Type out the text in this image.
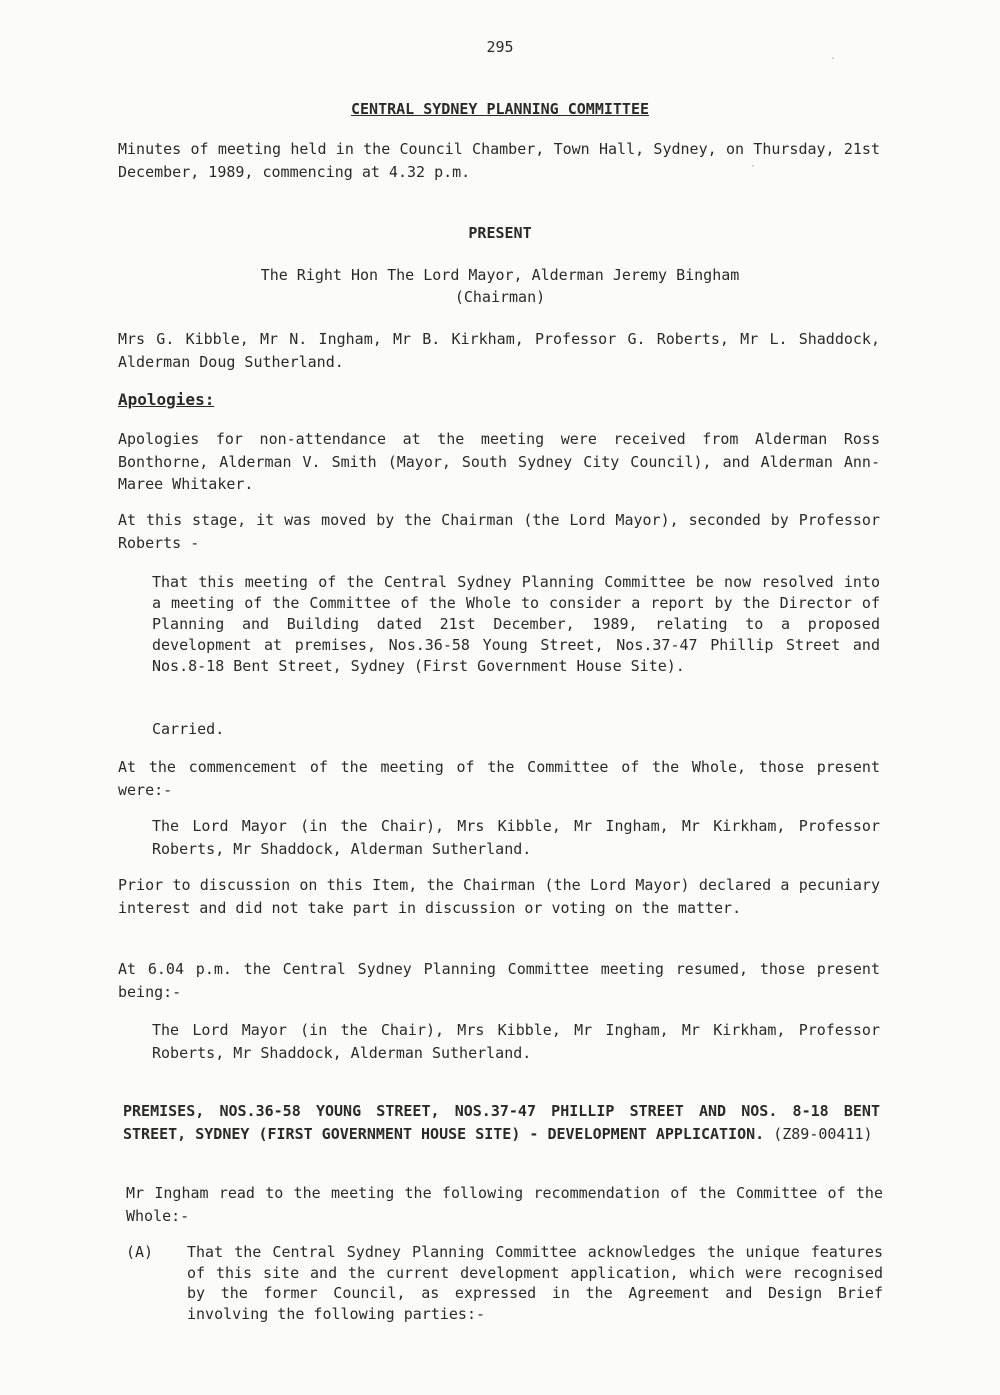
295
CENTRAL SYDNEY PLANNING COMMITTEE
Minutes of meeting held in the Council Chamber, Town Hall, Sydney, on Thursday, 21st December, 1989, commencing at 4.32 p.m.
PRESENT
The Right Hon The Lord Mayor, Alderman Jeremy Bingham
(Chairman)
Mrs G. Kibble, Mr N. Ingham, Mr B. Kirkham, Professor G. Roberts, Mr L. Shaddock, Alderman Doug Sutherland.
Apologies:
Apologies for non-attendance at the meeting were received from Alderman Ross Bonthorne, Alderman V. Smith (Mayor, South Sydney City Council), and Alderman Ann-Maree Whitaker.
At this stage, it was moved by the Chairman (the Lord Mayor), seconded by Professor Roberts -
That this meeting of the Central Sydney Planning Committee be now resolved into a meeting of the Committee of the Whole to consider a report by the Director of Planning and Building dated 21st December, 1989, relating to a proposed development at premises, Nos.36-58 Young Street, Nos.37-47 Phillip Street and Nos.8-18 Bent Street, Sydney (First Government House Site).
Carried.
At the commencement of the meeting of the Committee of the Whole, those present were:-
The Lord Mayor (in the Chair), Mrs Kibble, Mr Ingham, Mr Kirkham, Professor Roberts, Mr Shaddock, Alderman Sutherland.
Prior to discussion on this Item, the Chairman (the Lord Mayor) declared a pecuniary interest and did not take part in discussion or voting on the matter.
At 6.04 p.m. the Central Sydney Planning Committee meeting resumed, those present being:-
The Lord Mayor (in the Chair), Mrs Kibble, Mr Ingham, Mr Kirkham, Professor Roberts, Mr Shaddock, Alderman Sutherland.
PREMISES, NOS.36-58 YOUNG STREET, NOS.37-47 PHILLIP STREET AND NOS. 8-18 BENT STREET, SYDNEY (FIRST GOVERNMENT HOUSE SITE) - DEVELOPMENT APPLICATION. (Z89-00411)
Mr Ingham read to the meeting the following recommendation of the Committee of the Whole:-
(A) That the Central Sydney Planning Committee acknowledges the unique features of this site and the current development application, which were recognised by the former Council, as expressed in the Agreement and Design Brief involving the following parties:-
